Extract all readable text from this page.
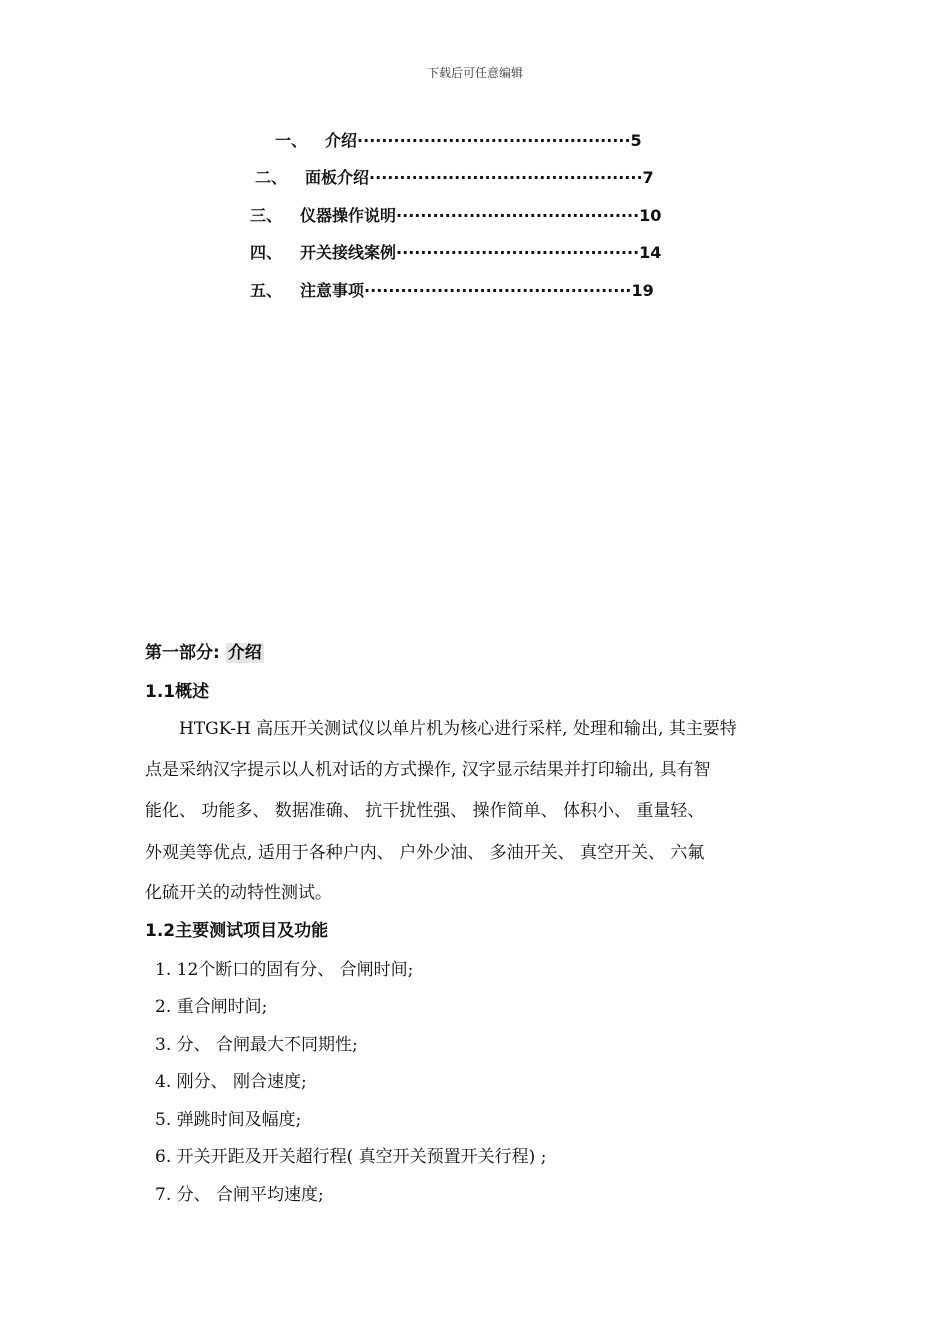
下载后可任意编辑
一、 介绍·············································5
二、 面板介绍·············································7
三、 仪器操作说明········································10
四、 开关接线案例········································14
五、 注意事项············································19
第一部分: 介绍
1.1概述
　　HTGK-H 高压开关测试仪以单片机为核心进行采样, 处理和输出, 其主要特
点是采纳汉字提示以人机对话的方式操作, 汉字显示结果并打印输出, 具有智
能化、 功能多、 数据准确、 抗干扰性强、 操作简单、 体积小、 重量轻、
外观美等优点, 适用于各种户内、 户外少油、 多油开关、 真空开关、 六氟
化硫开关的动特性测试。
1.2主要测试项目及功能
1. 12个断口的固有分、 合闸时间;
2. 重合闸时间;
3. 分、 合闸最大不同期性;
4. 刚分、 刚合速度;
5. 弹跳时间及幅度;
6. 开关开距及开关超行程( 真空开关预置开关行程) ;
7. 分、 合闸平均速度;
